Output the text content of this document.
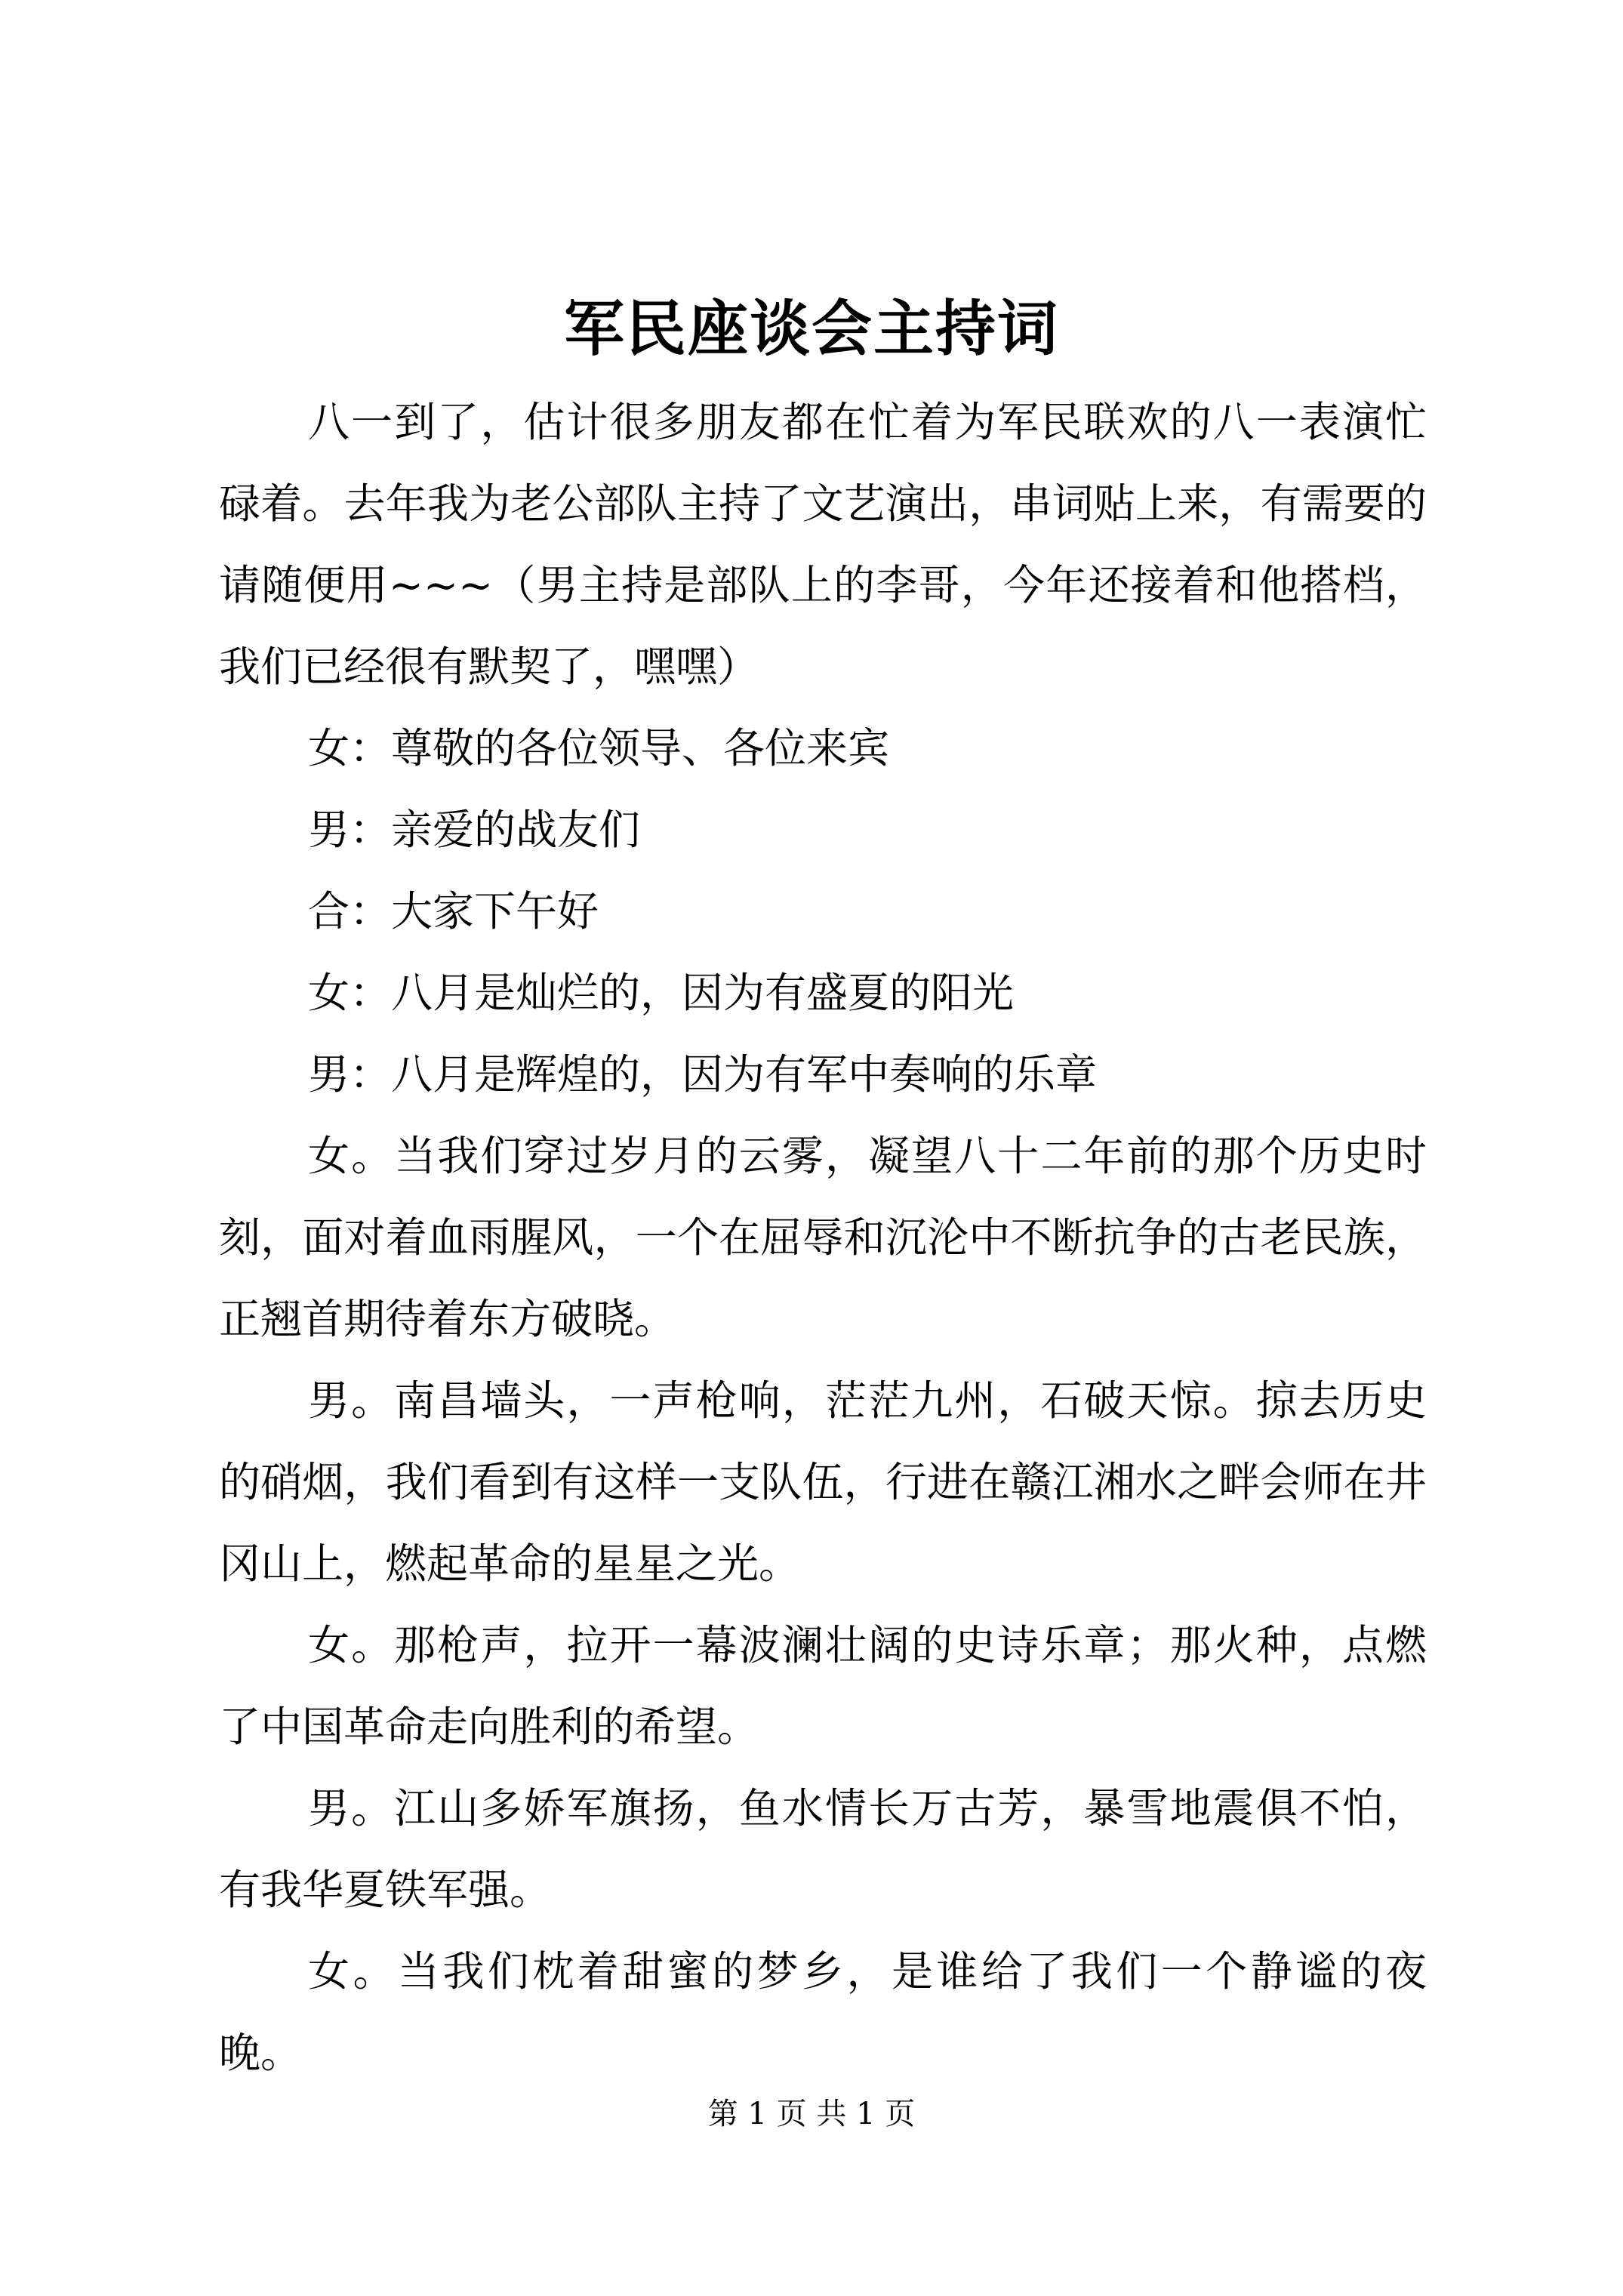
军民座谈会主持词

八一到了，估计很多朋友都在忙着为军民联欢的八一表演忙碌着。去年我为老公部队主持了文艺演出，串词贴上来，有需要的请随便用~~~（男主持是部队上的李哥，今年还接着和他搭档，我们已经很有默契了，嘿嘿）

女：尊敬的各位领导、各位来宾

男：亲爱的战友们

合：大家下午好

女：八月是灿烂的，因为有盛夏的阳光

男：八月是辉煌的，因为有军中奏响的乐章

女。当我们穿过岁月的云雾，凝望八十二年前的那个历史时刻，面对着血雨腥风，一个在屈辱和沉沦中不断抗争的古老民族，正翘首期待着东方破晓。

男。南昌墙头，一声枪响，茫茫九州，石破天惊。掠去历史的硝烟，我们看到有这样一支队伍，行进在赣江湘水之畔会师在井冈山上，燃起革命的星星之光。

女。那枪声，拉开一幕波澜壮阔的史诗乐章；那火种，点燃了中国革命走向胜利的希望。

男。江山多娇军旗扬，鱼水情长万古芳，暴雪地震俱不怕，有我华夏铁军强。

女。当我们枕着甜蜜的梦乡，是谁给了我们一个静谧的夜晚。

第 1 页 共 1 页
